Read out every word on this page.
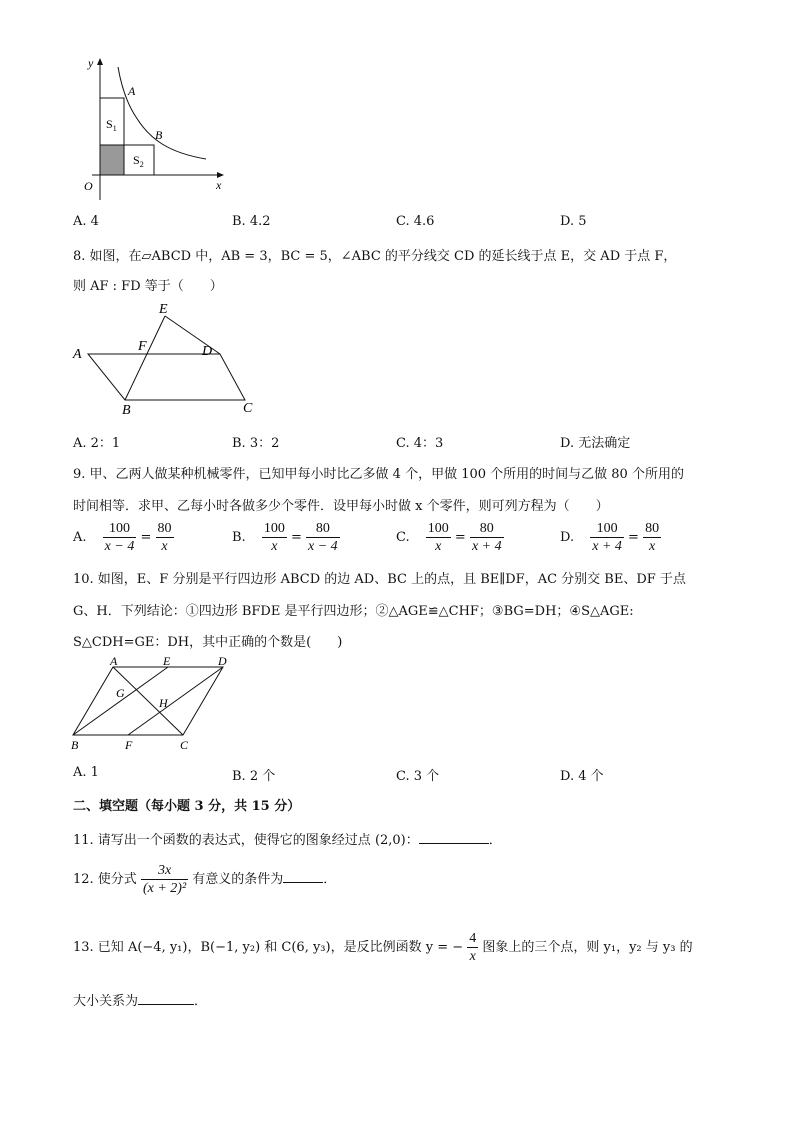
y
x
O
A
B
$S_1$
$S_2$
A. 4	B. 4.2	C. 4.6	D. 5
8. 如图，在▱ABCD 中，AB = 3，BC = 5，∠ABC 的平分线交 CD 的延长线于点 E，交 AD 于点 F，
则 AF : FD 等于（　　）
E
F	D
A
B	C
A. 2：1	B. 3：2	C. 4：3	D. 无法确定
9. 甲、乙两人做某种机械零件，已知甲每小时比乙多做 4 个，甲做 100 个所用的时间与乙做 80 个所用的
时间相等．求甲、乙每小时各做多少个零件．设甲每小时做 x 个零件，则可列方程为（　　）
A. $\frac{100}{x - 4} = \frac{80}{x}$	B. $\frac{100}{x} = \frac{80}{x - 4}$	C. $\frac{100}{x} = \frac{80}{x + 4}$	D. $\frac{100}{x + 4} = \frac{80}{x}$
10. 如图，E、F 分别是平行四边形 ABCD 的边 AD、BC 上的点，且 BE∥DF，AC 分别交 BE、DF 于点
G、H．下列结论：①四边形 BFDE 是平行四边形；②△AGE≌△CHF；③BG=DH；④S△AGE:
S△CDH=GE：DH，其中正确的个数是(　　)
A	E	D
G
H
B	F	C
A. 1	B. 2 个	C. 3 个	D. 4 个
二、填空题（每小题 3 分，共 15 分）
11. 请写出一个函数的表达式，使得它的图象经过点 (2,0)：	．
12. 使分式 $\frac{3x}{\text{(x + 2)²}}$ 有意义的条件为	．
13. 已知 A(−4, y₁)，B(−1, y₂) 和 C(6, y₃)，是反比例函数 y = − $\frac{4}{x}$ 图象上的三个点，则 y₁，y₂ 与 y₃ 的
大小关系为	．
